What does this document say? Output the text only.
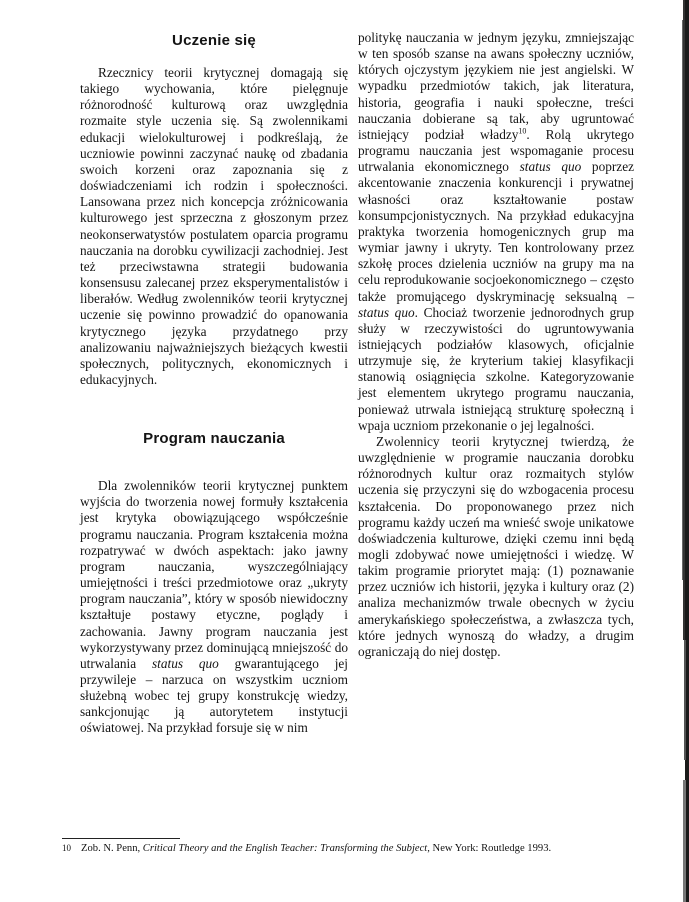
Uczenie się

Rzecznicy teorii krytycznej domagają się takiego wychowania, które pielęgnuje różnorodność kulturową oraz uwzględnia rozmaite style uczenia się. Są zwolennikami edukacji wielokulturowej i podkreślają, że uczniowie powinni zaczynać naukę od zbadania swoich korzeni oraz zapoznania się z doświadczeniami ich rodzin i społeczności. Lansowana przez nich koncepcja zróżnicowania kulturowego jest sprzeczna z głoszonym przez neokonserwatystów postulatem oparcia programu nauczania na dorobku cywilizacji zachodniej. Jest też przeciwstawna strategii budowania konsensusu zalecanej przez eksperymentalistów i liberałów. Według zwolenników teorii krytycznej uczenie się powinno prowadzić do opanowania krytycznego języka przydatnego przy analizowaniu najważniejszych bieżących kwestii społecznych, politycznych, ekonomicznych i edukacyjnych.

Program nauczania

Dla zwolenników teorii krytycznej punktem wyjścia do tworzenia nowej formuły kształcenia jest krytyka obowiązującego współcześnie programu nauczania. Program kształcenia można rozpatrywać w dwóch aspektach: jako jawny program nauczania, wyszczególniający umiejętności i treści przedmiotowe oraz „ukryty program nauczania”, który w sposób niewidoczny kształtuje postawy etyczne, poglądy i zachowania. Jawny program nauczania jest wykorzystywany przez dominującą mniejszość do utrwalania status quo gwarantującego jej przywileje – narzuca on wszystkim uczniom służebną wobec tej grupy konstrukcję wiedzy, sankcjonując ją autorytetem instytucji oświatowej. Na przykład forsuje się w nim

politykę nauczania w jednym języku, zmniejszając w ten sposób szanse na awans społeczny uczniów, których ojczystym językiem nie jest angielski. W wypadku przedmiotów takich, jak literatura, historia, geografia i nauki społeczne, treści nauczania dobierane są tak, aby ugruntować istniejący podział władzy$^{10}$. Rolą ukrytego programu nauczania jest wspomaganie procesu utrwalania ekonomicznego status quo poprzez akcentowanie znaczenia konkurencji i prywatnej własności oraz kształtowanie postaw konsumpcjonistycznych. Na przykład edukacyjna praktyka tworzenia homogenicznych grup ma wymiar jawny i ukryty. Ten kontrolowany przez szkołę proces dzielenia uczniów na grupy ma na celu reprodukowanie socjoekonomicznego – często także promującego dyskryminację seksualną – status quo. Chociaż tworzenie jednorodnych grup służy w rzeczywistości do ugruntowywania istniejących podziałów klasowych, oficjalnie utrzymuje się, że kryterium takiej klasyfikacji stanowią osiągnięcia szkolne. Kategoryzowanie jest elementem ukrytego programu nauczania, ponieważ utrwala istniejącą strukturę społeczną i wpaja uczniom przekonanie o jej legalności.

Zwolennicy teorii krytycznej twierdzą, że uwzględnienie w programie nauczania dorobku różnorodnych kultur oraz rozmaitych stylów uczenia się przyczyni się do wzbogacenia procesu kształcenia. Do proponowanego przez nich programu każdy uczeń ma wnieść swoje unikatowe doświadczenia kulturowe, dzięki czemu inni będą mogli zdobywać nowe umiejętności i wiedzę. W takim programie priorytet mają: (1) poznawanie przez uczniów ich historii, języka i kultury oraz (2) analiza mechanizmów trwale obecnych w życiu amerykańskiego społeczeństwa, a zwłaszcza tych, które jednych wynoszą do władzy, a drugim ograniczają do niej dostęp.

10 Zob. N. Penn, Critical Theory and the English Teacher: Transforming the Subject, New York: Routledge 1993.
